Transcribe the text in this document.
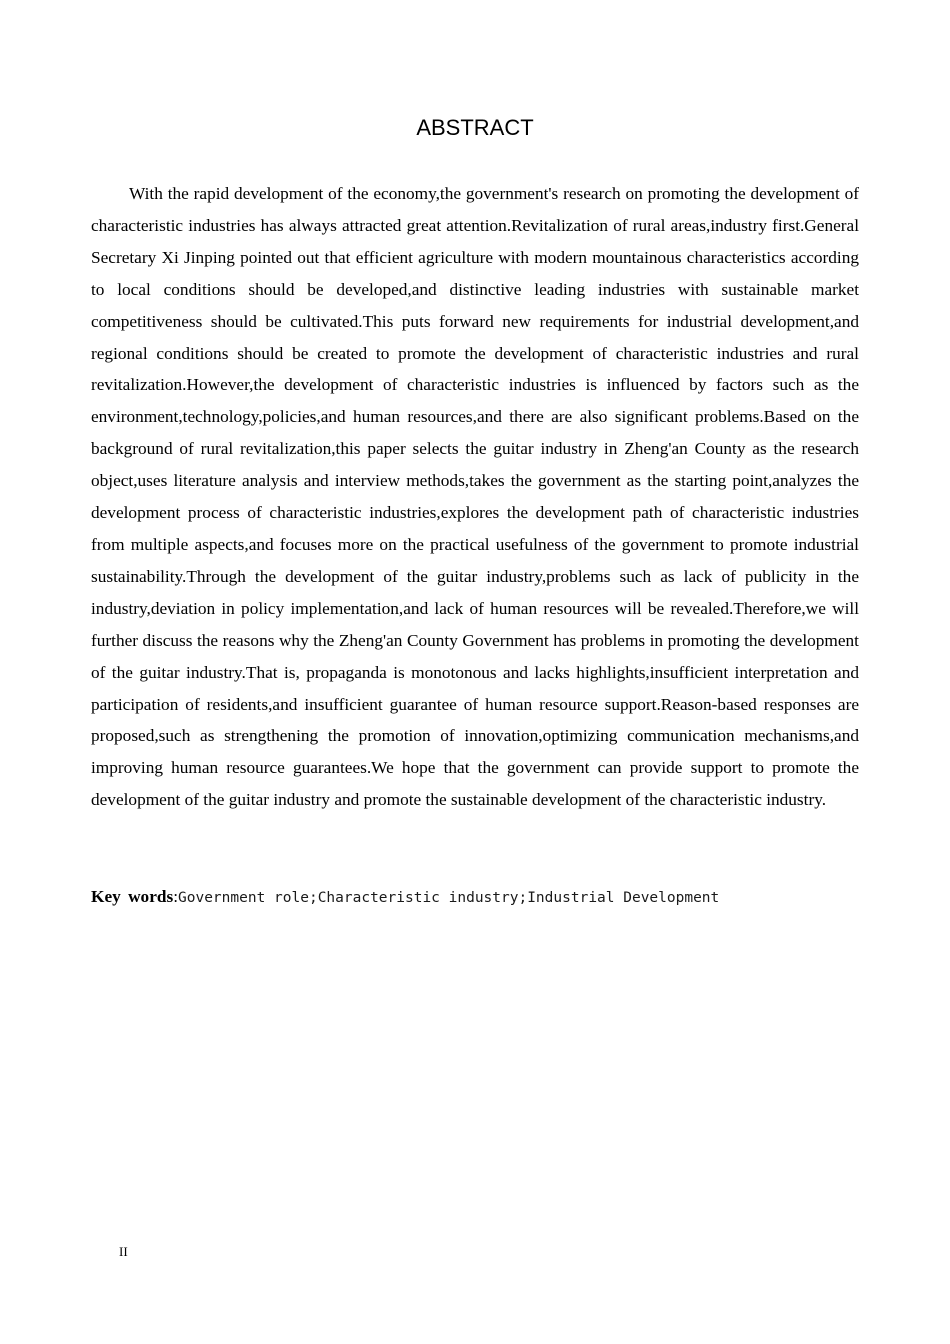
ABSTRACT

With the rapid development of the economy,the government's research on promoting the development of characteristic industries has always attracted great attention.Revitalization of rural areas,industry first.General Secretary Xi Jinping pointed out that efficient agriculture with modern mountainous characteristics according to local conditions should be developed,and distinctive leading industries with sustainable market competitiveness should be cultivated.This puts forward new requirements for industrial development,and regional conditions should be created to promote the development of characteristic industries and rural revitalization.However,the development of characteristic industries is influenced by factors such as the environment,technology,policies,and human resources,and there are also significant problems.Based on the background of rural revitalization,this paper selects the guitar industry in Zheng'an County as the research object,uses literature analysis and interview methods,takes the government as the starting point,analyzes the development process of characteristic industries,explores the development path of characteristic industries from multiple aspects,and focuses more on the practical usefulness of the government to promote industrial sustainability.Through the development of the guitar industry,problems such as lack of publicity in the industry,deviation in policy implementation,and lack of human resources will be revealed.Therefore,we will further discuss the reasons why the Zheng'an County Government has problems in promoting the development of the guitar industry.That is, propaganda is monotonous and lacks highlights,insufficient interpretation and participation of residents,and insufficient guarantee of human resource support.Reason-based responses are proposed,such as strengthening the promotion of innovation,optimizing communication mechanisms,and improving human resource guarantees.We hope that the government can provide support to promote the development of the guitar industry and promote the sustainable development of the characteristic industry.

Key words:Government role;Characteristic industry;Industrial Development

II
